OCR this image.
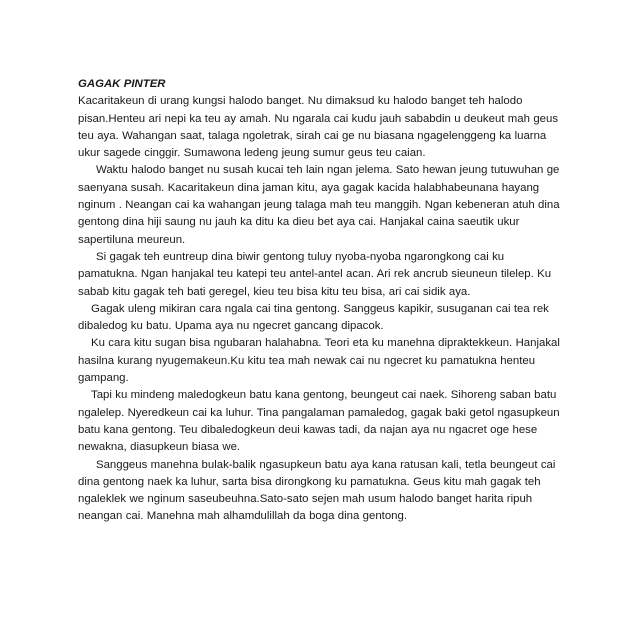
GAGAK PINTER

Kacaritakeun di urang kungsi halodo banget. Nu dimaksud ku halodo banget teh halodo pisan.Henteu ari nepi ka teu ay amah. Nu ngarala cai kudu jauh sababdin u deukeut mah geus teu aya. Wahangan saat, talaga ngoletrak, sirah cai ge nu biasana ngagelenggeng ka luarna ukur sagede cinggir. Sumawona ledeng jeung sumur geus teu caian.

Waktu halodo banget nu susah kucai teh lain ngan jelema. Sato hewan jeung tutuwuhan ge saenyana susah. Kacaritakeun dina jaman kitu, aya gagak kacida halabhabeunana hayang nginum . Neangan cai ka wahangan jeung talaga mah teu manggih. Ngan kebeneran atuh dina gentong dina hiji saung nu jauh ka ditu ka dieu bet aya cai. Hanjakal caina saeutik ukur sapertiluna meureun.

Si gagak teh euntreup dina biwir gentong tuluy nyoba-nyoba ngarongkong cai ku pamatukna. Ngan hanjakal teu katepi teu antel-antel acan. Ari rek ancrub sieuneun tilelep. Ku sabab kitu gagak teh bati geregel, kieu teu bisa kitu teu bisa, ari cai sidik aya.

Gagak uleng mikiran cara ngala cai tina gentong. Sanggeus kapikir, susuganan cai tea rek dibaledog ku batu. Upama aya nu ngecret gancang dipacok.

Ku cara kitu sugan bisa ngubaran halahabna. Teori eta ku manehna dipraktekkeun. Hanjakal hasilna kurang nyugemakeun.Ku kitu tea mah newak cai nu ngecret ku pamatukna henteu gampang.

Tapi ku mindeng maledogkeun batu kana gentong, beungeut cai naek. Sihoreng saban batu ngalelep. Nyeredkeun cai ka luhur. Tina pangalaman pamaledog, gagak baki getol ngasupkeun batu kana gentong. Teu dibaledogkeun deui kawas tadi, da najan aya nu ngacret oge hese newakna, diasupkeun biasa we.

Sanggeus manehna bulak-balik ngasupkeun batu aya kana ratusan kali, tetla beungeut cai dina gentong naek ka luhur, sarta bisa dirongkong ku pamatukna. Geus kitu mah gagak teh ngaleklek we nginum saseubeuhna.Sato-sato sejen mah usum halodo banget harita ripuh neangan cai. Manehna mah alhamdulillah da boga dina gentong.
